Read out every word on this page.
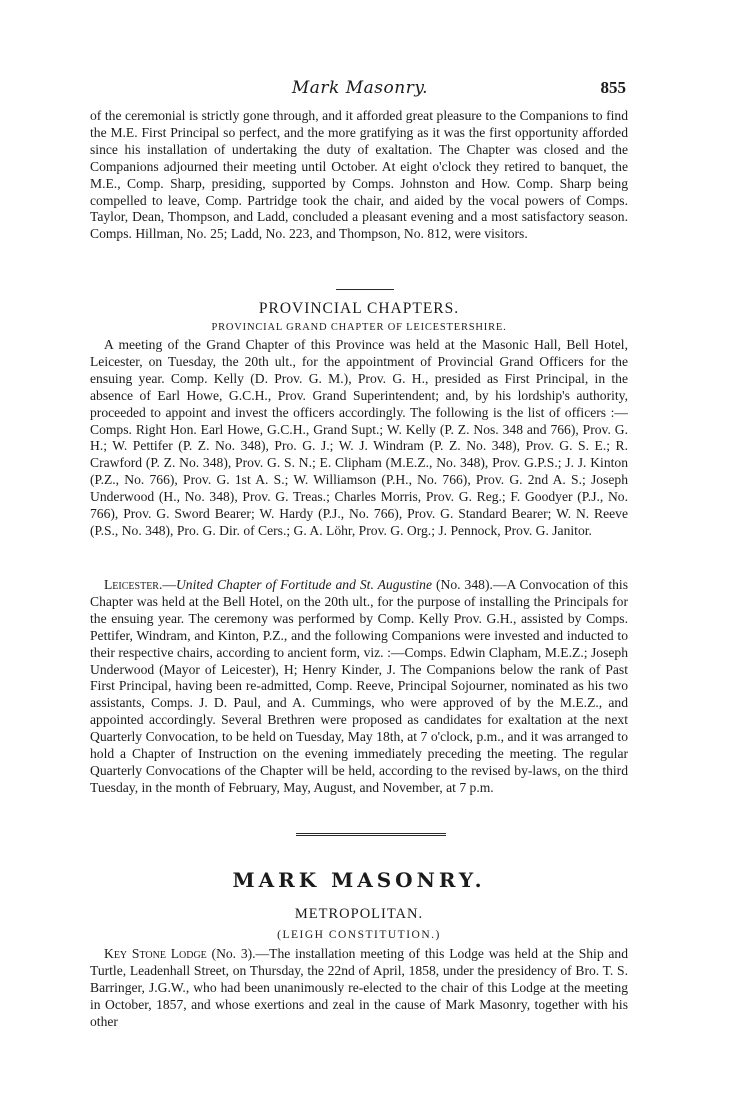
Mark Masonry.	855

of the ceremonial is strictly gone through, and it afforded great pleasure to the Companions to find the M.E. First Principal so perfect, and the more gratifying as it was the first opportunity afforded since his installation of undertaking the duty of exaltation. The Chapter was closed and the Companions adjourned their meeting until October. At eight o'clock they retired to banquet, the M.E., Comp. Sharp, presiding, supported by Comps. Johnston and How. Comp. Sharp being compelled to leave, Comp. Partridge took the chair, and aided by the vocal powers of Comps. Taylor, Dean, Thompson, and Ladd, concluded a pleasant evening and a most satisfactory season. Comps. Hillman, No. 25; Ladd, No. 223, and Thompson, No. 812, were visitors.

PROVINCIAL CHAPTERS.
PROVINCIAL GRAND CHAPTER OF LEICESTERSHIRE.

A meeting of the Grand Chapter of this Province was held at the Masonic Hall, Bell Hotel, Leicester, on Tuesday, the 20th ult., for the appointment of Provincial Grand Officers for the ensuing year. Comp. Kelly (D. Prov. G. M.), Prov. G. H., presided as First Principal, in the absence of Earl Howe, G.C.H., Prov. Grand Superintendent; and, by his lordship's authority, proceeded to appoint and invest the officers accordingly. The following is the list of officers :—Comps. Right Hon. Earl Howe, G.C.H., Grand Supt.; W. Kelly (P. Z. Nos. 348 and 766), Prov. G. H.; W. Pettifer (P. Z. No. 348), Pro. G. J.; W. J. Windram (P. Z. No. 348), Prov. G. S. E.; R. Crawford (P. Z. No. 348), Prov. G. S. N.; E. Clipham (M.E.Z., No. 348), Prov. G.P.S.; J. J. Kinton (P.Z., No. 766), Prov. G. 1st A. S.; W. Williamson (P.H., No. 766), Prov. G. 2nd A. S.; Joseph Underwood (H., No. 348), Prov. G. Treas.; Charles Morris, Prov. G. Reg.; F. Goodyer (P.J., No. 766), Prov. G. Sword Bearer; W. Hardy (P.J., No. 766), Prov. G. Standard Bearer; W. N. Reeve (P.S., No. 348), Pro. G. Dir. of Cers.; G. A. Löhr, Prov. G. Org.; J. Pennock, Prov. G. Janitor.

Leicester.—United Chapter of Fortitude and St. Augustine (No. 348).—A Convocation of this Chapter was held at the Bell Hotel, on the 20th ult., for the purpose of installing the Principals for the ensuing year. The ceremony was performed by Comp. Kelly Prov. G.H., assisted by Comps. Pettifer, Windram, and Kinton, P.Z., and the following Companions were invested and inducted to their respective chairs, according to ancient form, viz. :—Comps. Edwin Clapham, M.E.Z.; Joseph Underwood (Mayor of Leicester), H; Henry Kinder, J. The Companions below the rank of Past First Principal, having been re-admitted, Comp. Reeve, Principal Sojourner, nominated as his two assistants, Comps. J. D. Paul, and A. Cummings, who were approved of by the M.E.Z., and appointed accordingly. Several Brethren were proposed as candidates for exaltation at the next Quarterly Convocation, to be held on Tuesday, May 18th, at 7 o'clock, p.m., and it was arranged to hold a Chapter of Instruction on the evening immediately preceding the meeting. The regular Quarterly Convocations of the Chapter will be held, according to the revised by-laws, on the third Tuesday, in the month of February, May, August, and November, at 7 p.m.

MARK MASONRY.
METROPOLITAN.
(LEIGH CONSTITUTION.)

Key Stone Lodge (No. 3).—The installation meeting of this Lodge was held at the Ship and Turtle, Leadenhall Street, on Thursday, the 22nd of April, 1858, under the presidency of Bro. T. S. Barringer, J.G.W., who had been unanimously re-elected to the chair of this Lodge at the meeting in October, 1857, and whose exertions and zeal in the cause of Mark Masonry, together with his other
